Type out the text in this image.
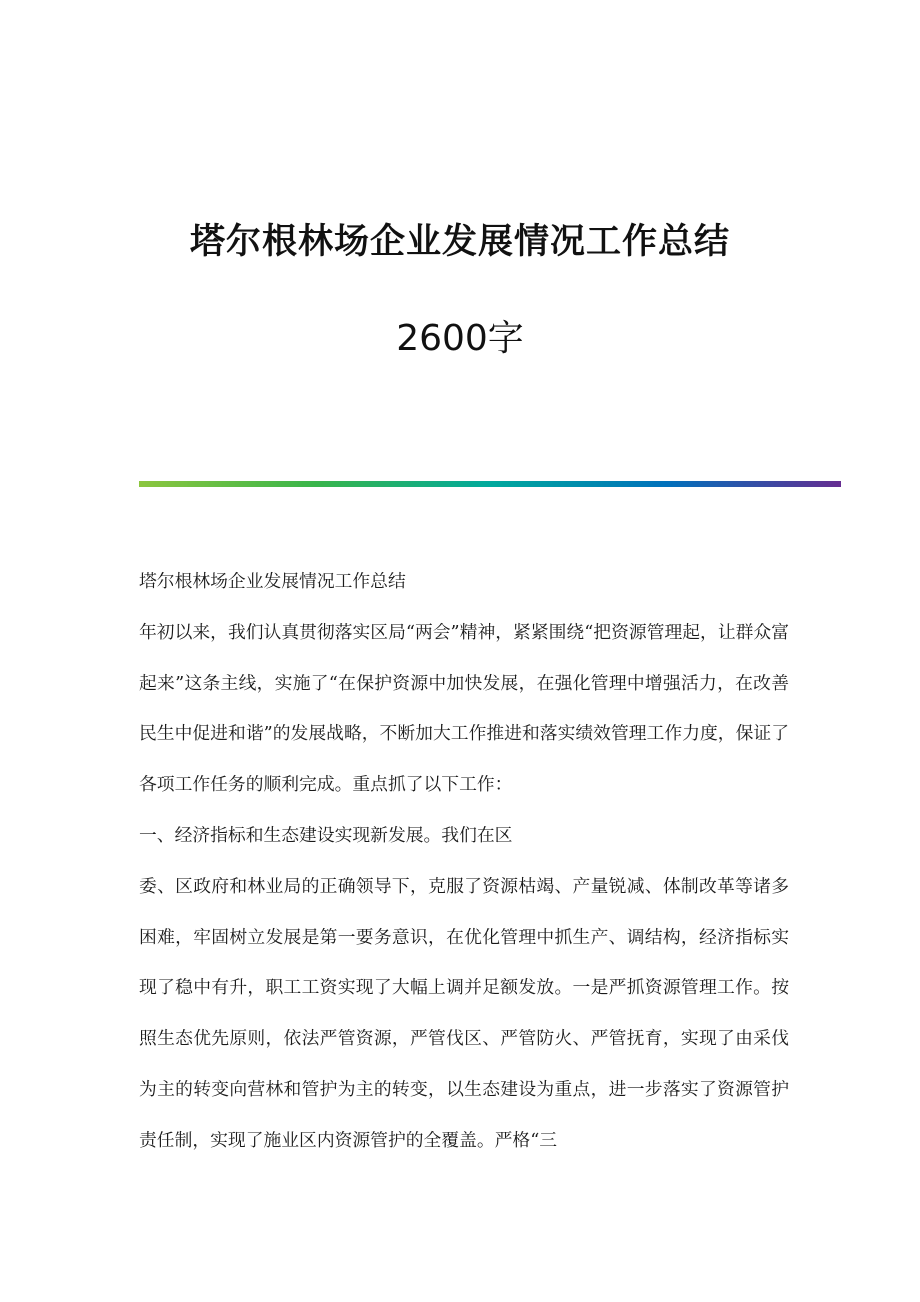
塔尔根林场企业发展情况工作总结
2600字

塔尔根林场企业发展情况工作总结

年初以来，我们认真贯彻落实区局“两会”精神，紧紧围绕“把资源管理起，让群众富起来”这条主线，实施了“在保护资源中加快发展，在强化管理中增强活力，在改善民生中促进和谐”的发展战略，不断加大工作推进和落实绩效管理工作力度，保证了各项工作任务的顺利完成。重点抓了以下工作：

一、经济指标和生态建设实现新发展。我们在区

委、区政府和林业局的正确领导下，克服了资源枯竭、产量锐减、体制改革等诸多困难，牢固树立发展是第一要务意识，在优化管理中抓生产、调结构，经济指标实现了稳中有升，职工工资实现了大幅上调并足额发放。一是严抓资源管理工作。按照生态优先原则，依法严管资源，严管伐区、严管防火、严管抚育，实现了由采伐为主的转变向营林和管护为主的转变，以生态建设为重点，进一步落实了资源管护责任制，实现了施业区内资源管护的全覆盖。严格“三
